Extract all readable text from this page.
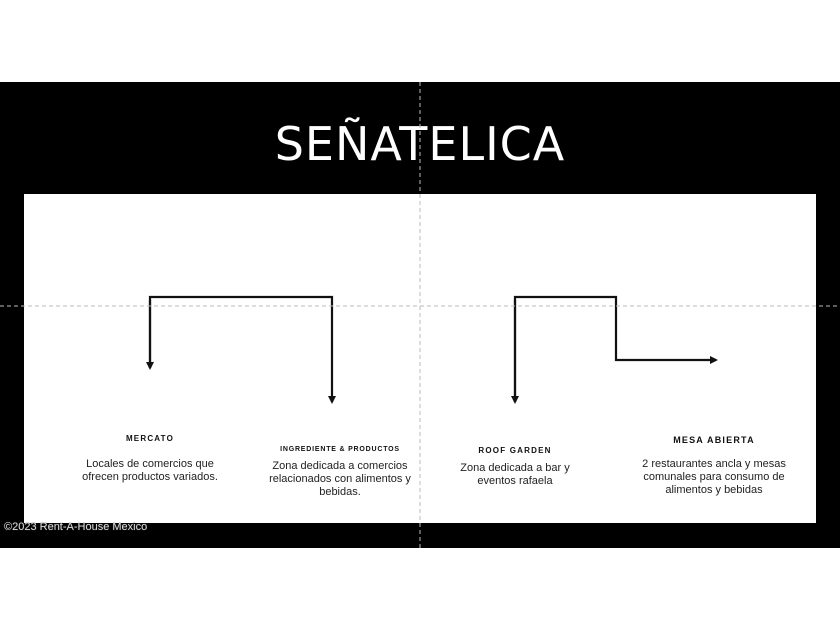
SEÑATELICA
MERCATO
Locales de comercios que ofrecen productos variados.
INGREDIENTE & PRODUCTOS
Zona dedicada a comercios relacionados con alimentos y bebidas.
ROOF GARDEN
Zona dedicada a bar y eventos rafaela
MESA ABIERTA
2 restaurantes ancla y mesas comunales para consumo de alimentos y bebidas
©2023 Rent-A-House Mexico
